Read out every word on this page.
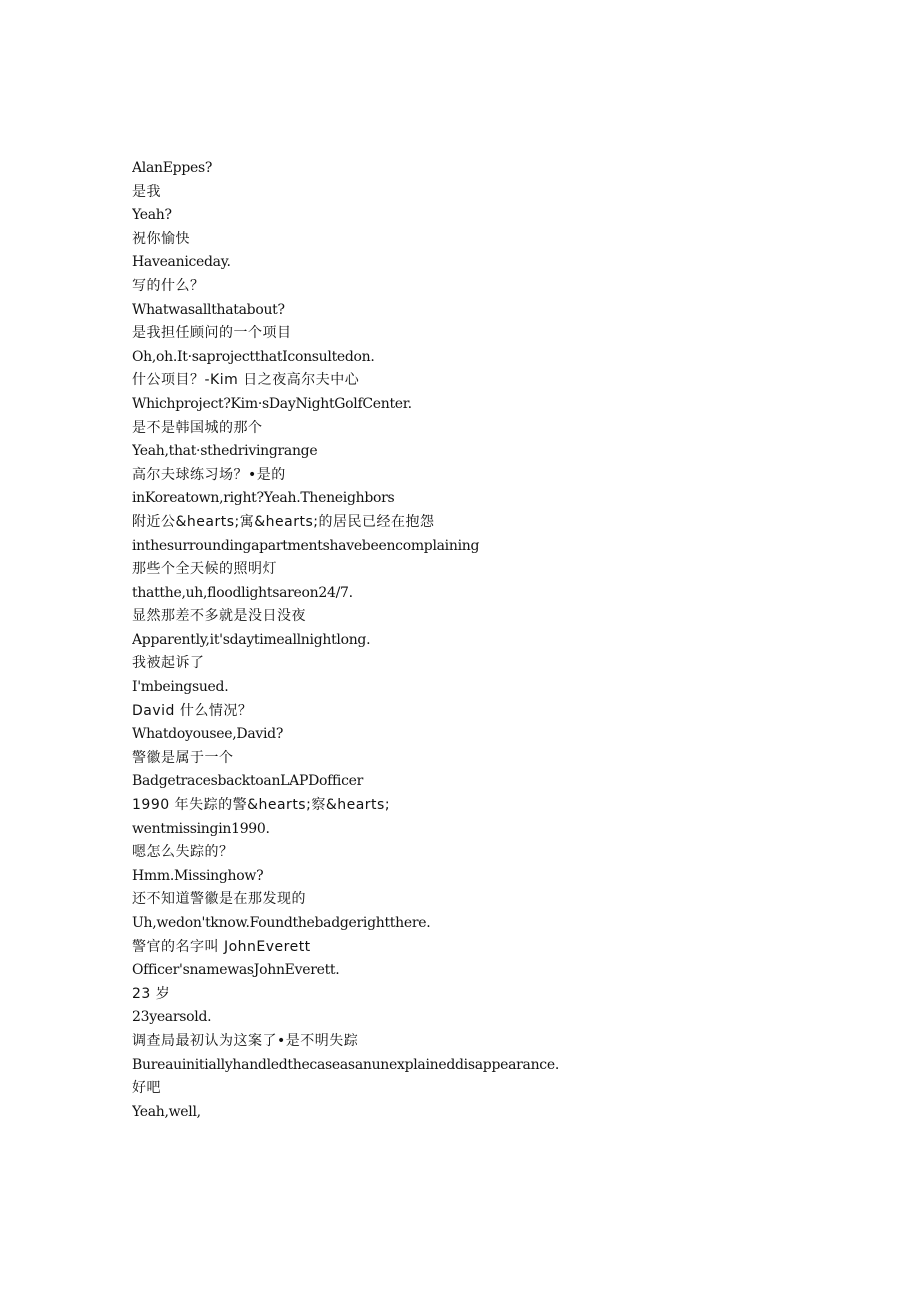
AlanEppes?
是我
Yeah?
祝你愉快
Haveaniceday.
写的什么？
Whatwasallthatabout?
是我担任顾问的一个项目
Oh,oh.It·saprojectthatIconsultedon.
什公项目？-Kim 日之夜高尔夫中心
Whichproject?Kim·sDayNightGolfCenter.
是不是韩国城的那个
Yeah,that·sthedrivingrange
高尔夫球练习场？•是的
inKoreatown,right?Yeah.Theneighbors
附近公&hearts;寓&hearts;的居民已经在抱怨
inthesurroundingapartmentshavebeencomplaining
那些个全天候的照明灯
thatthe,uh,floodlightsareon24/7.
显然那差不多就是没日没夜
Apparently,it'sdaytimeallnightlong.
我被起诉了
I'mbeingsued.
David 什么情况？
Whatdoyousee,David?
警徽是属于一个
BadgetracesbacktoanLAPDofficer
1990 年失踪的警&hearts;察&hearts;
wentmissingin1990.
嗯怎么失踪的？
Hmm.Missinghow?
还不知道警徽是在那发现的
Uh,wedon'tknow.Foundthebadgerightthere.
警官的名字叫 JohnEverett
Officer'snamewasJohnEverett.
23 岁
23yearsold.
调查局最初认为这案了•是不明失踪
Bureauinitiallyhandledthecaseasanunexplaineddisappearance.
好吧
Yeah,well,
